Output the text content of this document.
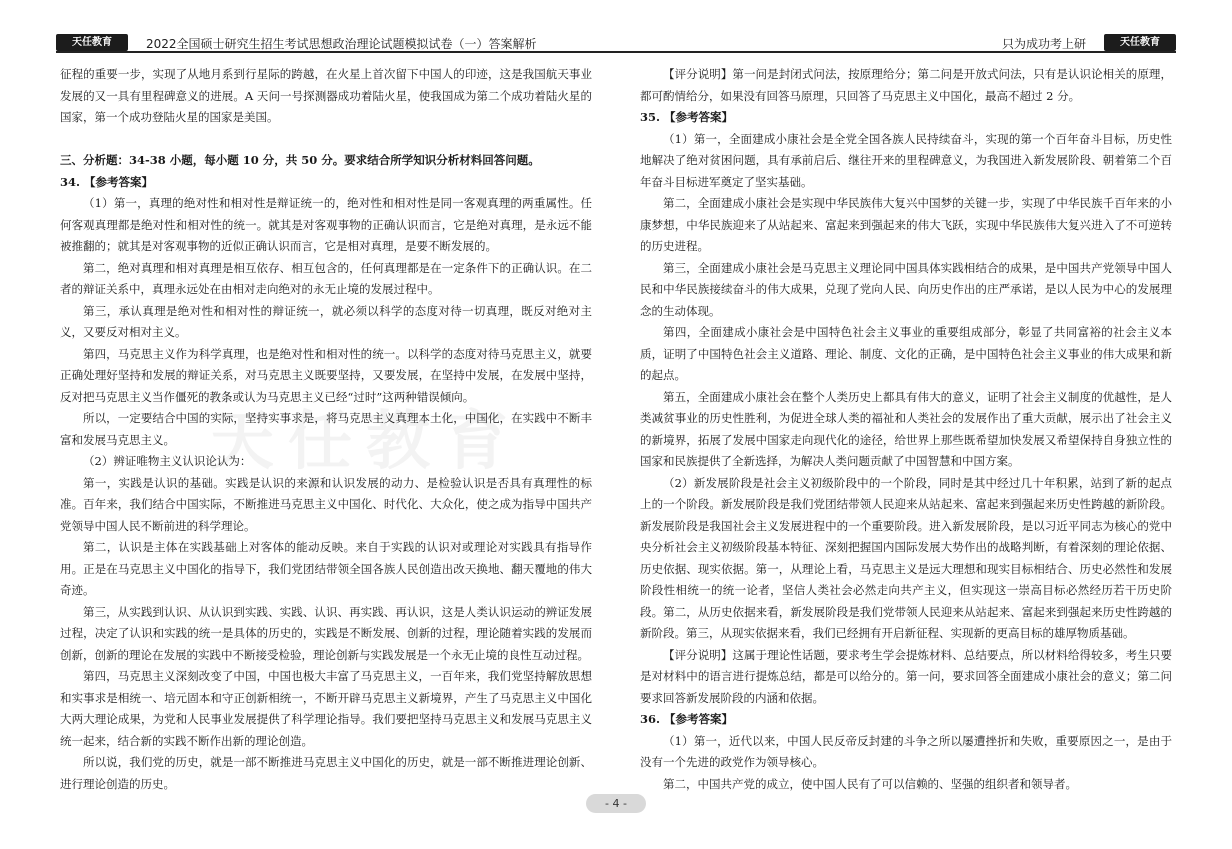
天任教育	2022全国硕士研究生招生考试思想政治理论试题模拟试卷（一）答案解析	只为成功考上研	天任教育

征程的重要一步，实现了从地月系到行星际的跨越，在火星上首次留下中国人的印迹，这是我国航天事业发展的又一具有里程碑意义的进展。A 天问一号探测器成功着陆火星，使我国成为第二个成功着陆火星的国家，第一个成功登陆火星的国家是美国。

三、分析题：34-38 小题，每小题 10 分，共 50 分。要求结合所学知识分析材料回答问题。

34. 【参考答案】

（1）第一，真理的绝对性和相对性是辩证统一的，绝对性和相对性是同一客观真理的两重属性。任何客观真理都是绝对性和相对性的统一。就其是对客观事物的正确认识而言，它是绝对真理，是永远不能被推翻的；就其是对客观事物的近似正确认识而言，它是相对真理，是要不断发展的。

第二，绝对真理和相对真理是相互依存、相互包含的，任何真理都是在一定条件下的正确认识。在二者的辩证关系中，真理永远处在由相对走向绝对的永无止境的发展过程中。

第三，承认真理是绝对性和相对性的辩证统一，就必须以科学的态度对待一切真理，既反对绝对主义，又要反对相对主义。

第四，马克思主义作为科学真理，也是绝对性和相对性的统一。以科学的态度对待马克思主义，就要正确处理好坚持和发展的辩证关系，对马克思主义既要坚持，又要发展，在坚持中发展，在发展中坚持，反对把马克思主义当作僵死的教条或认为马克思主义已经“过时”这两种错误倾向。

所以，一定要结合中国的实际，坚持实事求是，将马克思主义真理本土化，中国化，在实践中不断丰富和发展马克思主义。

（2）辨证唯物主义认识论认为：

第一，实践是认识的基础。实践是认识的来源和认识发展的动力、是检验认识是否具有真理性的标准。百年来，我们结合中国实际，不断推进马克思主义中国化、时代化、大众化，使之成为指导中国共产党领导中国人民不断前进的科学理论。

第二，认识是主体在实践基础上对客体的能动反映。来自于实践的认识对或理论对实践具有指导作用。正是在马克思主义中国化的指导下，我们党团结带领全国各族人民创造出改天换地、翻天覆地的伟大奇迹。

第三，从实践到认识、从认识到实践、实践、认识、再实践、再认识，这是人类认识运动的辨证发展过程，决定了认识和实践的统一是具体的历史的，实践是不断发展、创新的过程，理论随着实践的发展而创新，创新的理论在发展的实践中不断接受检验，理论创新与实践发展是一个永无止境的良性互动过程。

第四，马克思主义深刻改变了中国，中国也极大丰富了马克思主义，一百年来，我们党坚持解放思想和实事求是相统一、培元固本和守正创新相统一，不断开辟马克思主义新境界，产生了马克思主义中国化大两大理论成果，为党和人民事业发展提供了科学理论指导。我们要把坚持马克思主义和发展马克思主义统一起来，结合新的实践不断作出新的理论创造。

所以说，我们党的历史，就是一部不断推进马克思主义中国化的历史，就是一部不断推进理论创新、进行理论创造的历史。

【评分说明】第一问是封闭式问法，按原理给分；第二问是开放式问法，只有是认识论相关的原理，都可酌情给分，如果没有回答马原理，只回答了马克思主义中国化，最高不超过 2 分。

35. 【参考答案】

（1）第一，全面建成小康社会是全党全国各族人民持续奋斗，实现的第一个百年奋斗目标，历史性地解决了绝对贫困问题，具有承前启后、继往开来的里程碑意义，为我国进入新发展阶段、朝着第二个百年奋斗目标进军奠定了坚实基础。

第二，全面建成小康社会是实现中华民族伟大复兴中国梦的关键一步，实现了中华民族千百年来的小康梦想，中华民族迎来了从站起来、富起来到强起来的伟大飞跃，实现中华民族伟大复兴进入了不可逆转的历史进程。

第三，全面建成小康社会是马克思主义理论同中国具体实践相结合的成果，是中国共产党领导中国人民和中华民族接续奋斗的伟大成果，兑现了党向人民、向历史作出的庄严承诺，是以人民为中心的发展理念的生动体现。

第四，全面建成小康社会是中国特色社会主义事业的重要组成部分，彰显了共同富裕的社会主义本质，证明了中国特色社会主义道路、理论、制度、文化的正确，是中国特色社会主义事业的伟大成果和新的起点。

第五，全面建成小康社会在整个人类历史上都具有伟大的意义，证明了社会主义制度的优越性，是人类减贫事业的历史性胜利，为促进全球人类的福祉和人类社会的发展作出了重大贡献，展示出了社会主义的新境界，拓展了发展中国家走向现代化的途径，给世界上那些既希望加快发展又希望保持自身独立性的国家和民族提供了全新选择，为解决人类问题贡献了中国智慧和中国方案。

（2）新发展阶段是社会主义初级阶段中的一个阶段，同时是其中经过几十年积累，站到了新的起点上的一个阶段。新发展阶段是我们党团结带领人民迎来从站起来、富起来到强起来历史性跨越的新阶段。新发展阶段是我国社会主义发展进程中的一个重要阶段。进入新发展阶段，是以习近平同志为核心的党中央分析社会主义初级阶段基本特征、深刻把握国内国际发展大势作出的战略判断，有着深刻的理论依据、历史依据、现实依据。第一，从理论上看，马克思主义是远大理想和现实目标相结合、历史必然性和发展阶段性相统一的统一论者，坚信人类社会必然走向共产主义，但实现这一崇高目标必然经历若干历史阶段。第二，从历史依据来看，新发展阶段是我们党带领人民迎来从站起来、富起来到强起来历史性跨越的新阶段。第三，从现实依据来看，我们已经拥有开启新征程、实现新的更高目标的雄厚物质基础。

【评分说明】这属于理论性话题，要求考生学会提炼材料、总结要点，所以材料给得较多，考生只要是对材料中的语言进行提炼总结，都是可以给分的。第一问，要求回答全面建成小康社会的意义；第二问要求回答新发展阶段的内涵和依据。

36. 【参考答案】

（1）第一，近代以来，中国人民反帝反封建的斗争之所以屡遭挫折和失败，重要原因之一，是由于没有一个先进的政党作为领导核心。

第二，中国共产党的成立，使中国人民有了可以信赖的、坚强的组织者和领导者。

- 4 -
